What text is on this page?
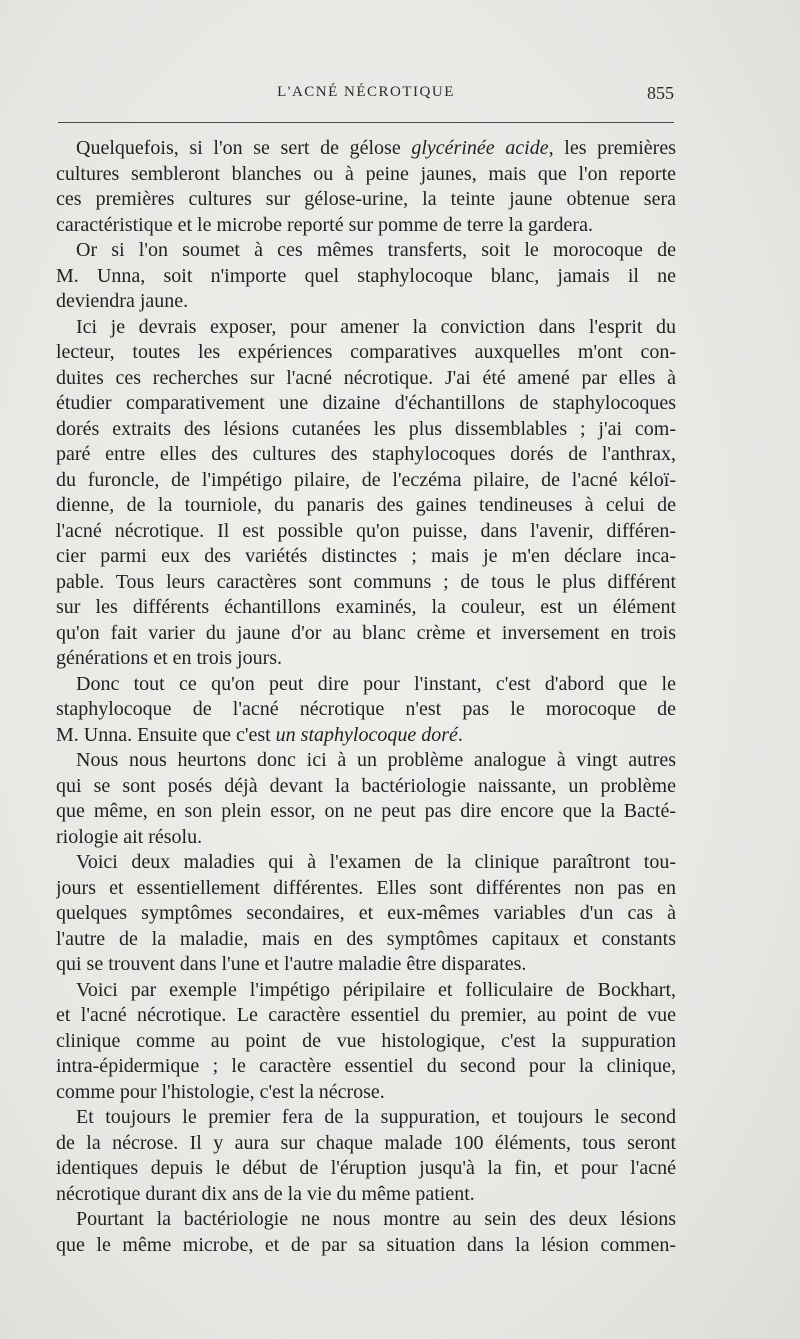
L'ACNÉ NÉCROTIQUE	855
Quelquefois, si l'on se sert de gélose glycérinée acide, les premières
cultures sembleront blanches ou à peine jaunes, mais que l'on reporte
ces premières cultures sur gélose-urine, la teinte jaune obtenue sera
caractéristique et le microbe reporté sur pomme de terre la gardera.
Or si l'on soumet à ces mêmes transferts, soit le morocoque de
M. Unna, soit n'importe quel staphylocoque blanc, jamais il ne
deviendra jaune.
Ici je devrais exposer, pour amener la conviction dans l'esprit du
lecteur, toutes les expériences comparatives auxquelles m'ont con-
duites ces recherches sur l'acné nécrotique. J'ai été amené par elles à
étudier comparativement une dizaine d'échantillons de staphylocoques
dorés extraits des lésions cutanées les plus dissemblables ; j'ai com-
paré entre elles des cultures des staphylocoques dorés de l'anthrax,
du furoncle, de l'impétigo pilaire, de l'eczéma pilaire, de l'acné kéloï-
dienne, de la tourniole, du panaris des gaines tendineuses à celui de
l'acné nécrotique. Il est possible qu'on puisse, dans l'avenir, différen-
cier parmi eux des variétés distinctes ; mais je m'en déclare inca-
pable. Tous leurs caractères sont communs ; de tous le plus différent
sur les différents échantillons examinés, la couleur, est un élément
qu'on fait varier du jaune d'or au blanc crème et inversement en trois
générations et en trois jours.
Donc tout ce qu'on peut dire pour l'instant, c'est d'abord que le
staphylocoque de l'acné nécrotique n'est pas le morocoque de
M. Unna. Ensuite que c'est un staphylocoque doré.
Nous nous heurtons donc ici à un problème analogue à vingt autres
qui se sont posés déjà devant la bactériologie naissante, un problème
que même, en son plein essor, on ne peut pas dire encore que la Bacté-
riologie ait résolu.
Voici deux maladies qui à l'examen de la clinique paraîtront tou-
jours et essentiellement différentes. Elles sont différentes non pas en
quelques symptômes secondaires, et eux-mêmes variables d'un cas à
l'autre de la maladie, mais en des symptômes capitaux et constants
qui se trouvent dans l'une et l'autre maladie être disparates.
Voici par exemple l'impétigo péripilaire et folliculaire de Bockhart,
et l'acné nécrotique. Le caractère essentiel du premier, au point de vue
clinique comme au point de vue histologique, c'est la suppuration
intra-épidermique ; le caractère essentiel du second pour la clinique,
comme pour l'histologie, c'est la nécrose.
Et toujours le premier fera de la suppuration, et toujours le second
de la nécrose. Il y aura sur chaque malade 100 éléments, tous seront
identiques depuis le début de l'éruption jusqu'à la fin, et pour l'acné
nécrotique durant dix ans de la vie du même patient.
Pourtant la bactériologie ne nous montre au sein des deux lésions
que le même microbe, et de par sa situation dans la lésion commen-
